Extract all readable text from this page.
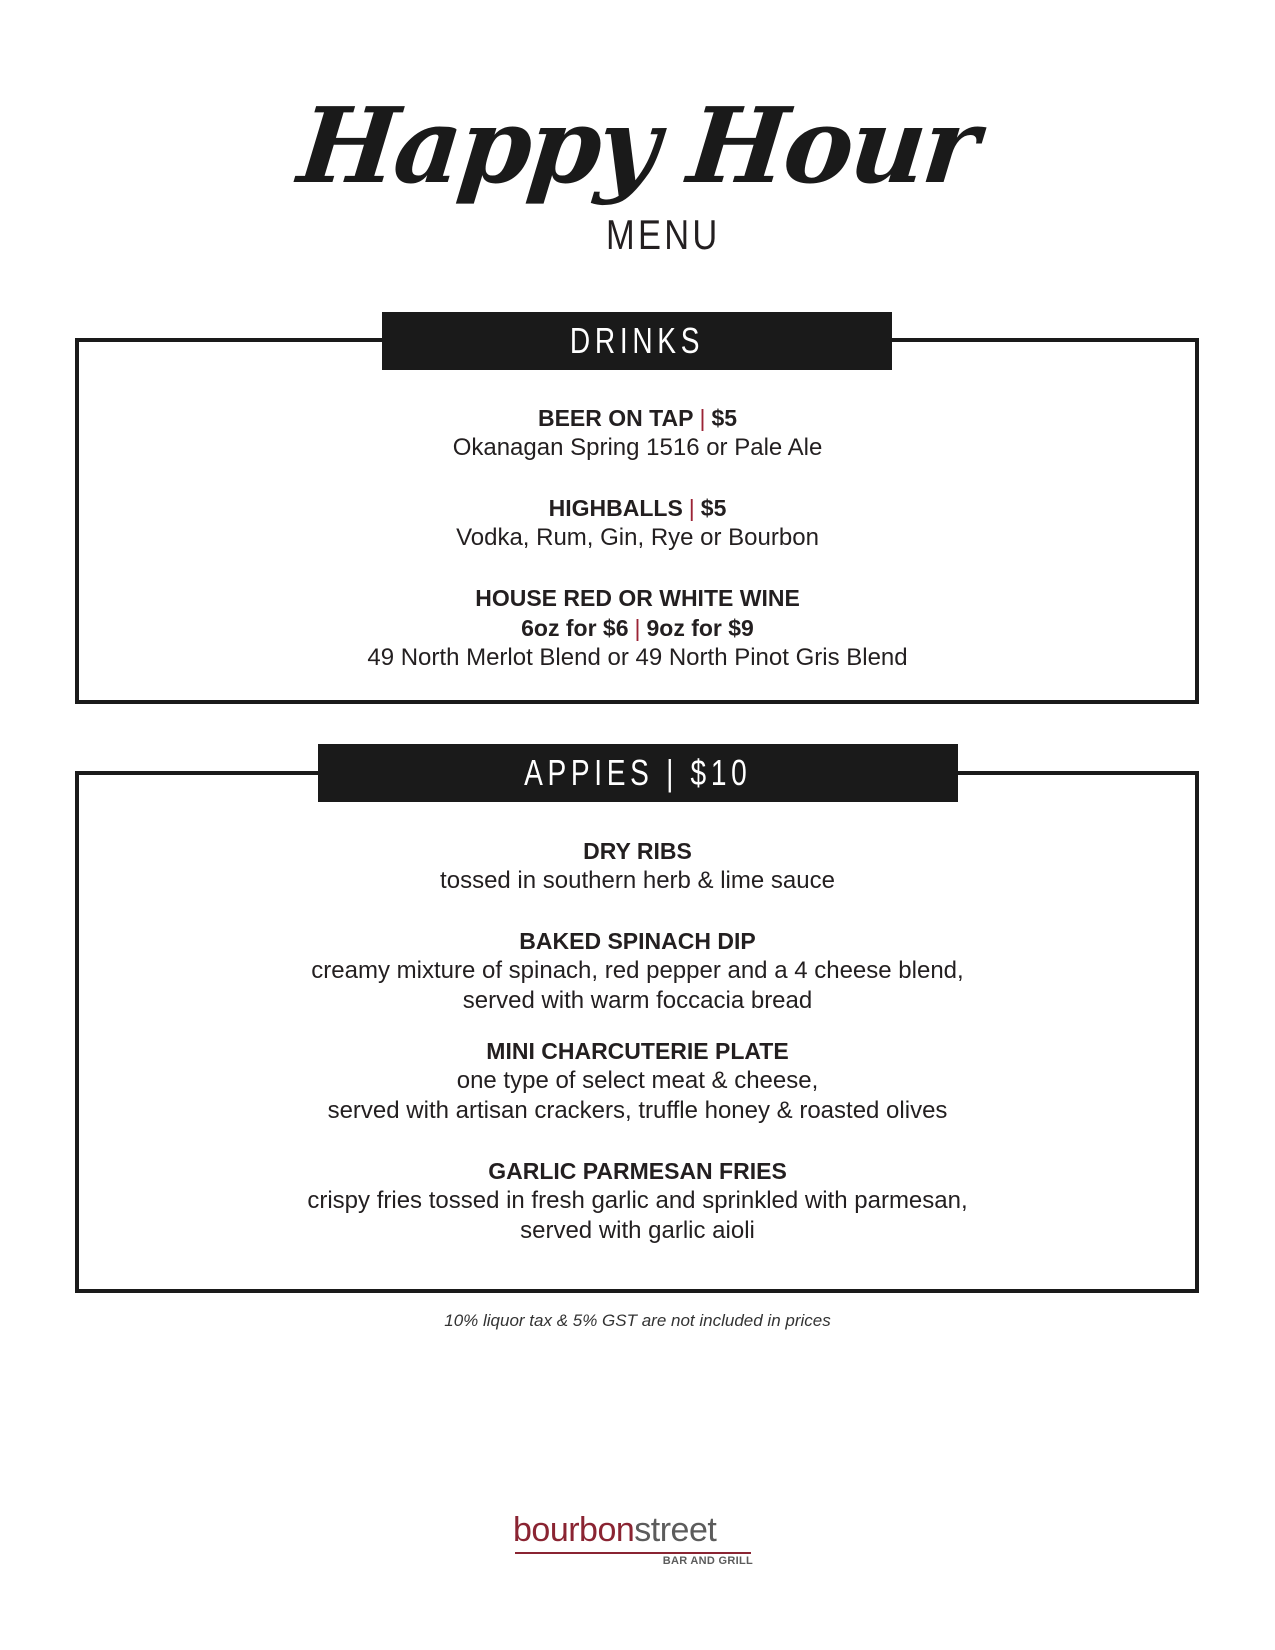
Happy Hour
MENU
DRINKS
BEER ON TAP | $5
Okanagan Spring 1516 or Pale Ale
HIGHBALLS | $5
Vodka, Rum, Gin, Rye or Bourbon
HOUSE RED OR WHITE WINE
6oz for $6 | 9oz for $9
49 North Merlot Blend or 49 North Pinot Gris Blend
APPIES | $10
DRY RIBS
tossed in southern herb & lime sauce
BAKED SPINACH DIP
creamy mixture of spinach, red pepper and a 4 cheese blend,
served with warm foccacia bread
MINI CHARCUTERIE PLATE
one type of select meat & cheese,
served with artisan crackers, truffle honey & roasted olives
GARLIC PARMESAN FRIES
crispy fries tossed in fresh garlic and sprinkled with parmesan,
served with garlic aioli
10% liquor tax & 5% GST are not included in prices
bourbonstreet
BAR AND GRILL
